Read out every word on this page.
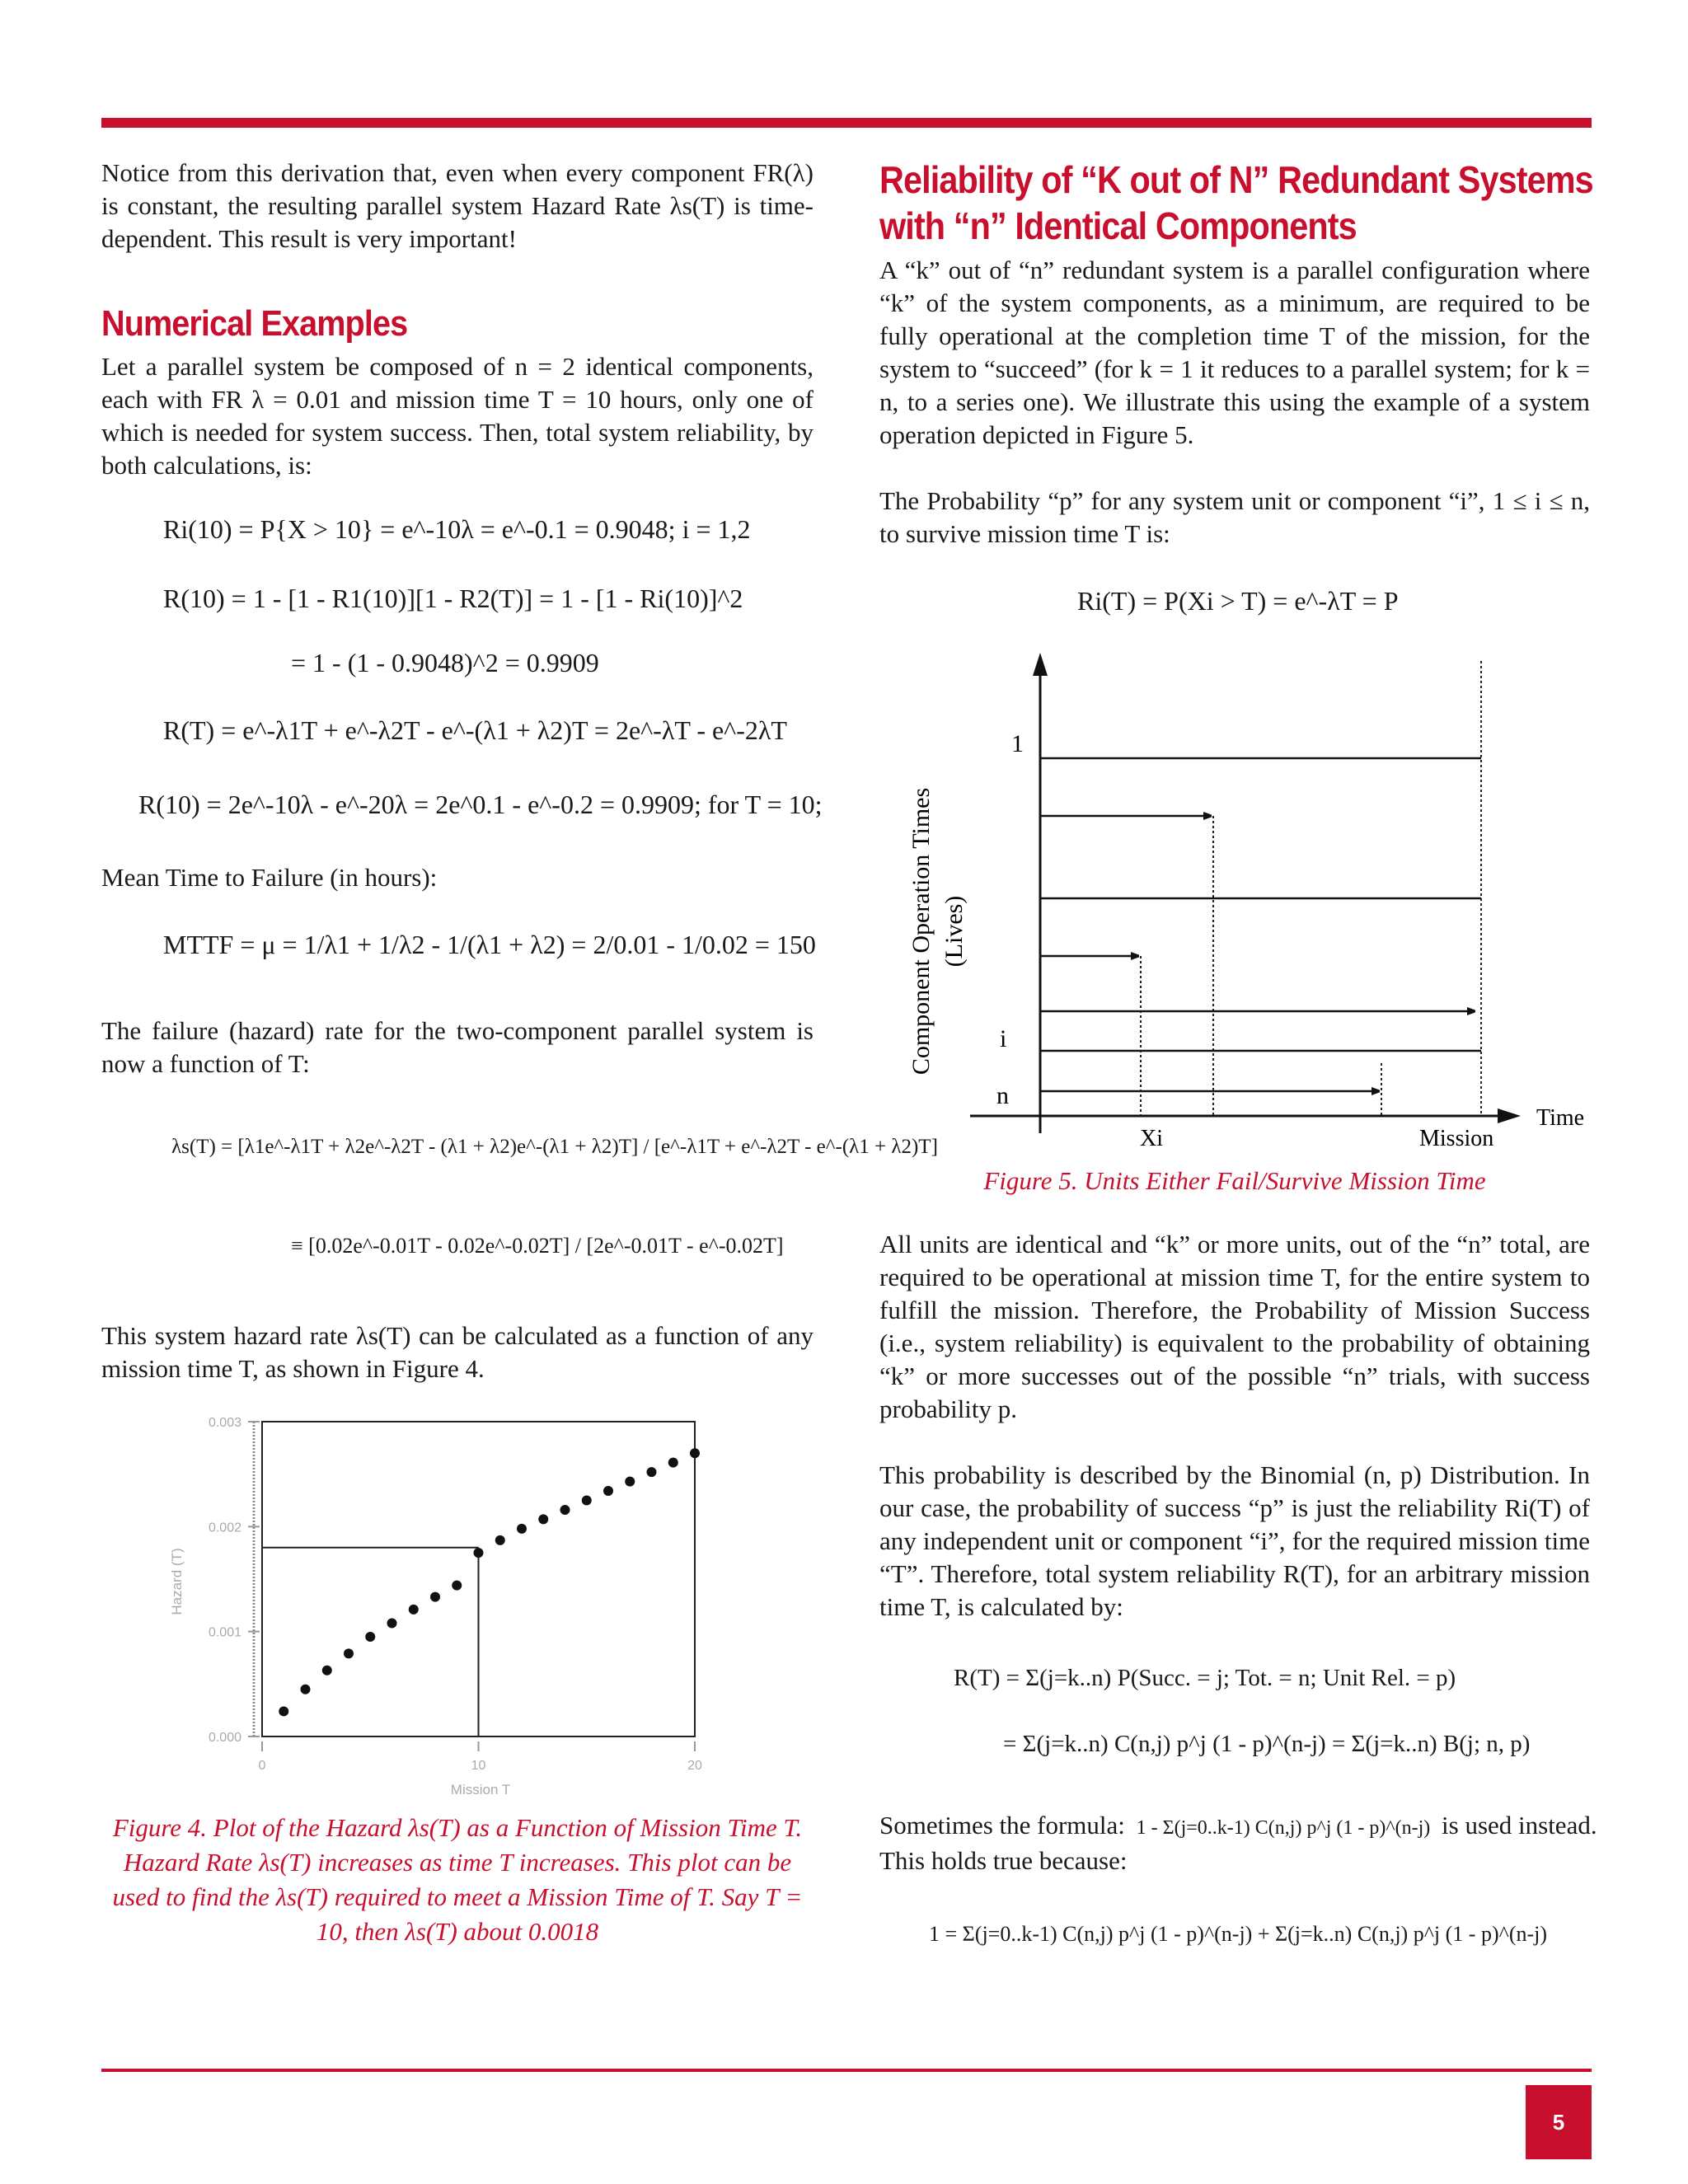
Notice from this derivation that, even when every component FR(λ) is constant, the resulting parallel system Hazard Rate λs(T) is time-dependent. This result is very important!

Numerical Examples

Let a parallel system be composed of n = 2 identical components, each with FR λ = 0.01 and mission time T = 10 hours, only one of which is needed for system success. Then, total system reliability, by both calculations, is:

Ri(10) = P{X > 10} = e^-10λ = e^-0.1 = 0.9048; i = 1,2
R(10) = 1 - [1 - R1(10)][1 - R2(T)] = 1 - [1 - Ri(10)]^2
= 1 - (1 - 0.9048)^2 = 0.9909
R(T) = e^-λ1T + e^-λ2T - e^-(λ1 + λ2)T = 2e^-λT - e^-2λT
R(10) = 2e^-10λ - e^-20λ = 2e^0.1 - e^-0.2 = 0.9909; for T = 10;

Mean Time to Failure (in hours):

MTTF = μ = 1/λ1 + 1/λ2 - 1/(λ1 + λ2) = 2/0.01 - 1/0.02 = 150

The failure (hazard) rate for the two-component parallel system is now a function of T:

λs(T) = [λ1e^-λ1T + λ2e^-λ2T - (λ1 + λ2)e^-(λ1 + λ2)T] / [e^-λ1T + e^-λ2T - e^-(λ1 + λ2)T]
≡ [0.02e^-0.01T - 0.02e^-0.02T] / [2e^-0.01T - e^-0.02T]

This system hazard rate λs(T) can be calculated as a function of any mission time T, as shown in Figure 4.

Hazard (T)
Mission T
0.000
0.001
0.002
0.003
0	10	20
Figure 4. Plot of the Hazard λs(T) as a Function of Mission Time T. Hazard Rate λs(T) increases as time T increases. This plot can be used to find the λs(T) required to meet a Mission Time of T. Say T = 10, then λs(T) about 0.0018
Reliability of “K out of N” Redundant Systems
with “n” Identical Components

A “k” out of “n” redundant system is a parallel configuration where “k” of the system components, as a minimum, are required to be fully operational at the completion time T of the mission, for the system to “succeed” (for k = 1 it reduces to a parallel system; for k = n, to a series one). We illustrate this using the example of a system operation depicted in Figure 5.

The Probability “p” for any system unit or component “i”, 1 ≤ i ≤ n, to survive mission time T is:

Ri(T) = P(Xi > T) = e^-λT = P
Component Operation Times (Lives)
1
i
n
Time
Xi	Mission
Figure 5. Units Either Fail/Survive Mission Time

All units are identical and “k” or more units, out of the “n” total, are required to be operational at mission time T, for the entire system to fulfill the mission. Therefore, the Probability of Mission Success (i.e., system reliability) is equivalent to the probability of obtaining “k” or more successes out of the possible “n” trials, with success probability p.

This probability is described by the Binomial (n, p) Distribution. In our case, the probability of success “p” is just the reliability Ri(T) of any independent unit or component “i”, for the required mission time “T”. Therefore, total system reliability R(T), for an arbitrary mission time T, is calculated by:

R(T) = Σ(j=k..n) P(Succ. = j; Tot. = n; Unit Rel. = p)
= Σ(j=k..n) C(n,j) p^j (1 - p)^(n-j) = Σ(j=k..n) B(j; n, p)
Sometimes the formula: 1 - Σ(j=0..k-1) C(n,j) p^j (1 - p)^(n-j) is used instead.

This holds true because:

1 = Σ(j=0..k-1) C(n,j) p^j (1 - p)^(n-j) + Σ(j=k..n) C(n,j) p^j (1 - p)^(n-j)
5
